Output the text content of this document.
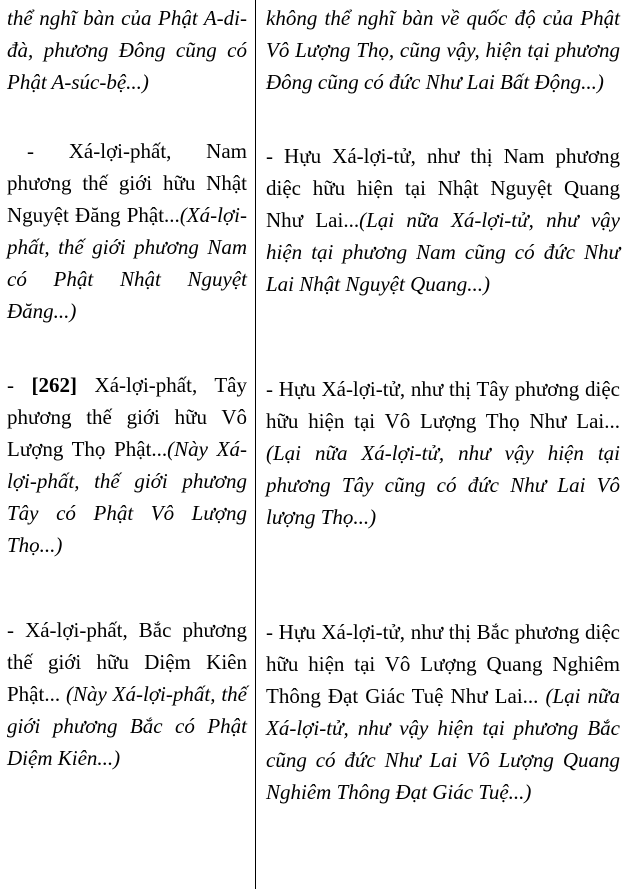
thể nghĩ bàn của Phật A-di-đà, phương Đông cũng có Phật A-súc-bệ...)

- Xá-lợi-phất, Nam phương thế giới hữu Nhật Nguyệt Đăng Phật...(Xá-lợi-phất, thế giới phương Nam có Phật Nhật Nguyệt Đăng...)

- [262] Xá-lợi-phất, Tây phương thế giới hữu Vô Lượng Thọ Phật...(Này Xá-lợi-phất, thế giới phương Tây có Phật Vô Lượng Thọ...)

- Xá-lợi-phất, Bắc phương thế giới hữu Diệm Kiên Phật... (Này Xá-lợi-phất, thế giới phương Bắc có Phật Diệm Kiên...)

không thể nghĩ bàn về quốc độ của Phật Vô Lượng Thọ, cũng vậy, hiện tại phương Đông cũng có đức Như Lai Bất Động...)

- Hựu Xá-lợi-tử, như thị Nam phương diệc hữu hiện tại Nhật Nguyệt Quang Như Lai...(Lại nữa Xá-lợi-tử, như vậy hiện tại phương Nam cũng có đức Như Lai Nhật Nguyệt Quang...)

- Hựu Xá-lợi-tử, như thị Tây phương diệc hữu hiện tại Vô Lượng Thọ Như Lai... (Lại nữa Xá-lợi-tử, như vậy hiện tại phương Tây cũng có đức Như Lai Vô lượng Thọ...)

- Hựu Xá-lợi-tử, như thị Bắc phương diệc hữu hiện tại Vô Lượng Quang Nghiêm Thông Đạt Giác Tuệ Như Lai... (Lại nữa Xá-lợi-tử, như vậy hiện tại phương Bắc cũng có đức Như Lai Vô Lượng Quang Nghiêm Thông Đạt Giác Tuệ...)
